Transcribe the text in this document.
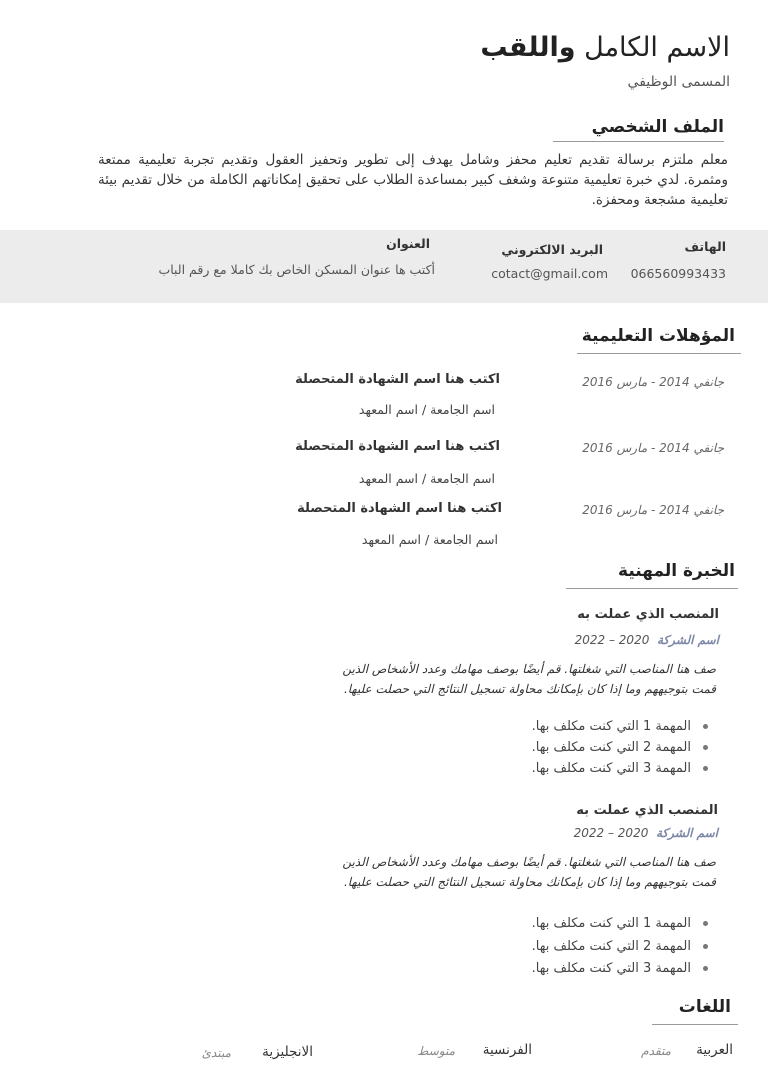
الاسم الكامل واللقب
المسمى الوظيفي
الملف الشخصي
معلم ملتزم برسالة تقديم تعليم محفز وشامل يهدف إلى تطوير وتحفيز العقول وتقديم تجربة تعليمية ممتعة ومثمرة. لدي خبرة تعليمية متنوعة وشغف كبير بمساعدة الطلاب على تحقيق إمكاناتهم الكاملة من خلال تقديم بيئة تعليمية مشجعة ومحفزة.
الهاتف
066560993433
البريد الالكتروني
cotact@gmail.com
العنوان
أكتب ها عنوان المسكن الخاص بك كاملا مع رقم الباب
المؤهلات التعليمية
جانفي 2014 - مارس 2016
اكتب هنا اسم الشهادة المتحصلة
اسم الجامعة / اسم المعهد
جانفي 2014 - مارس 2016
اكتب هنا اسم الشهادة المتحصلة
اسم الجامعة / اسم المعهد
جانفي 2014 - مارس 2016
اكتب هنا اسم الشهادة المتحصلة
اسم الجامعة / اسم المعهد
الخبرة المهنية
المنصب الذي عملت به
اسم الشركة  2020 – 2022
صف هنا المناصب التي شغلتها. قم أيضًا بوصف مهامك وعدد الأشخاص الذين قمت بتوجيههم وما إذا كان بإمكانك محاولة تسجيل النتائج التي حصلت عليها.
المهمة 1 التي كنت مكلف بها.
المهمة 2 التي كنت مكلف بها.
المهمة 3 التي كنت مكلف بها.
المنصب الذي عملت به
اسم الشركة  2020 – 2022
صف هنا المناصب التي شغلتها. قم أيضًا بوصف مهامك وعدد الأشخاص الذين قمت بتوجيههم وما إذا كان بإمكانك محاولة تسجيل النتائج التي حصلت عليها.
المهمة 1 التي كنت مكلف بها.
المهمة 2 التي كنت مكلف بها.
المهمة 3 التي كنت مكلف بها.
اللغات
العربية
متقدم
الفرنسية
متوسط
الانجليزية
مبتدئ
